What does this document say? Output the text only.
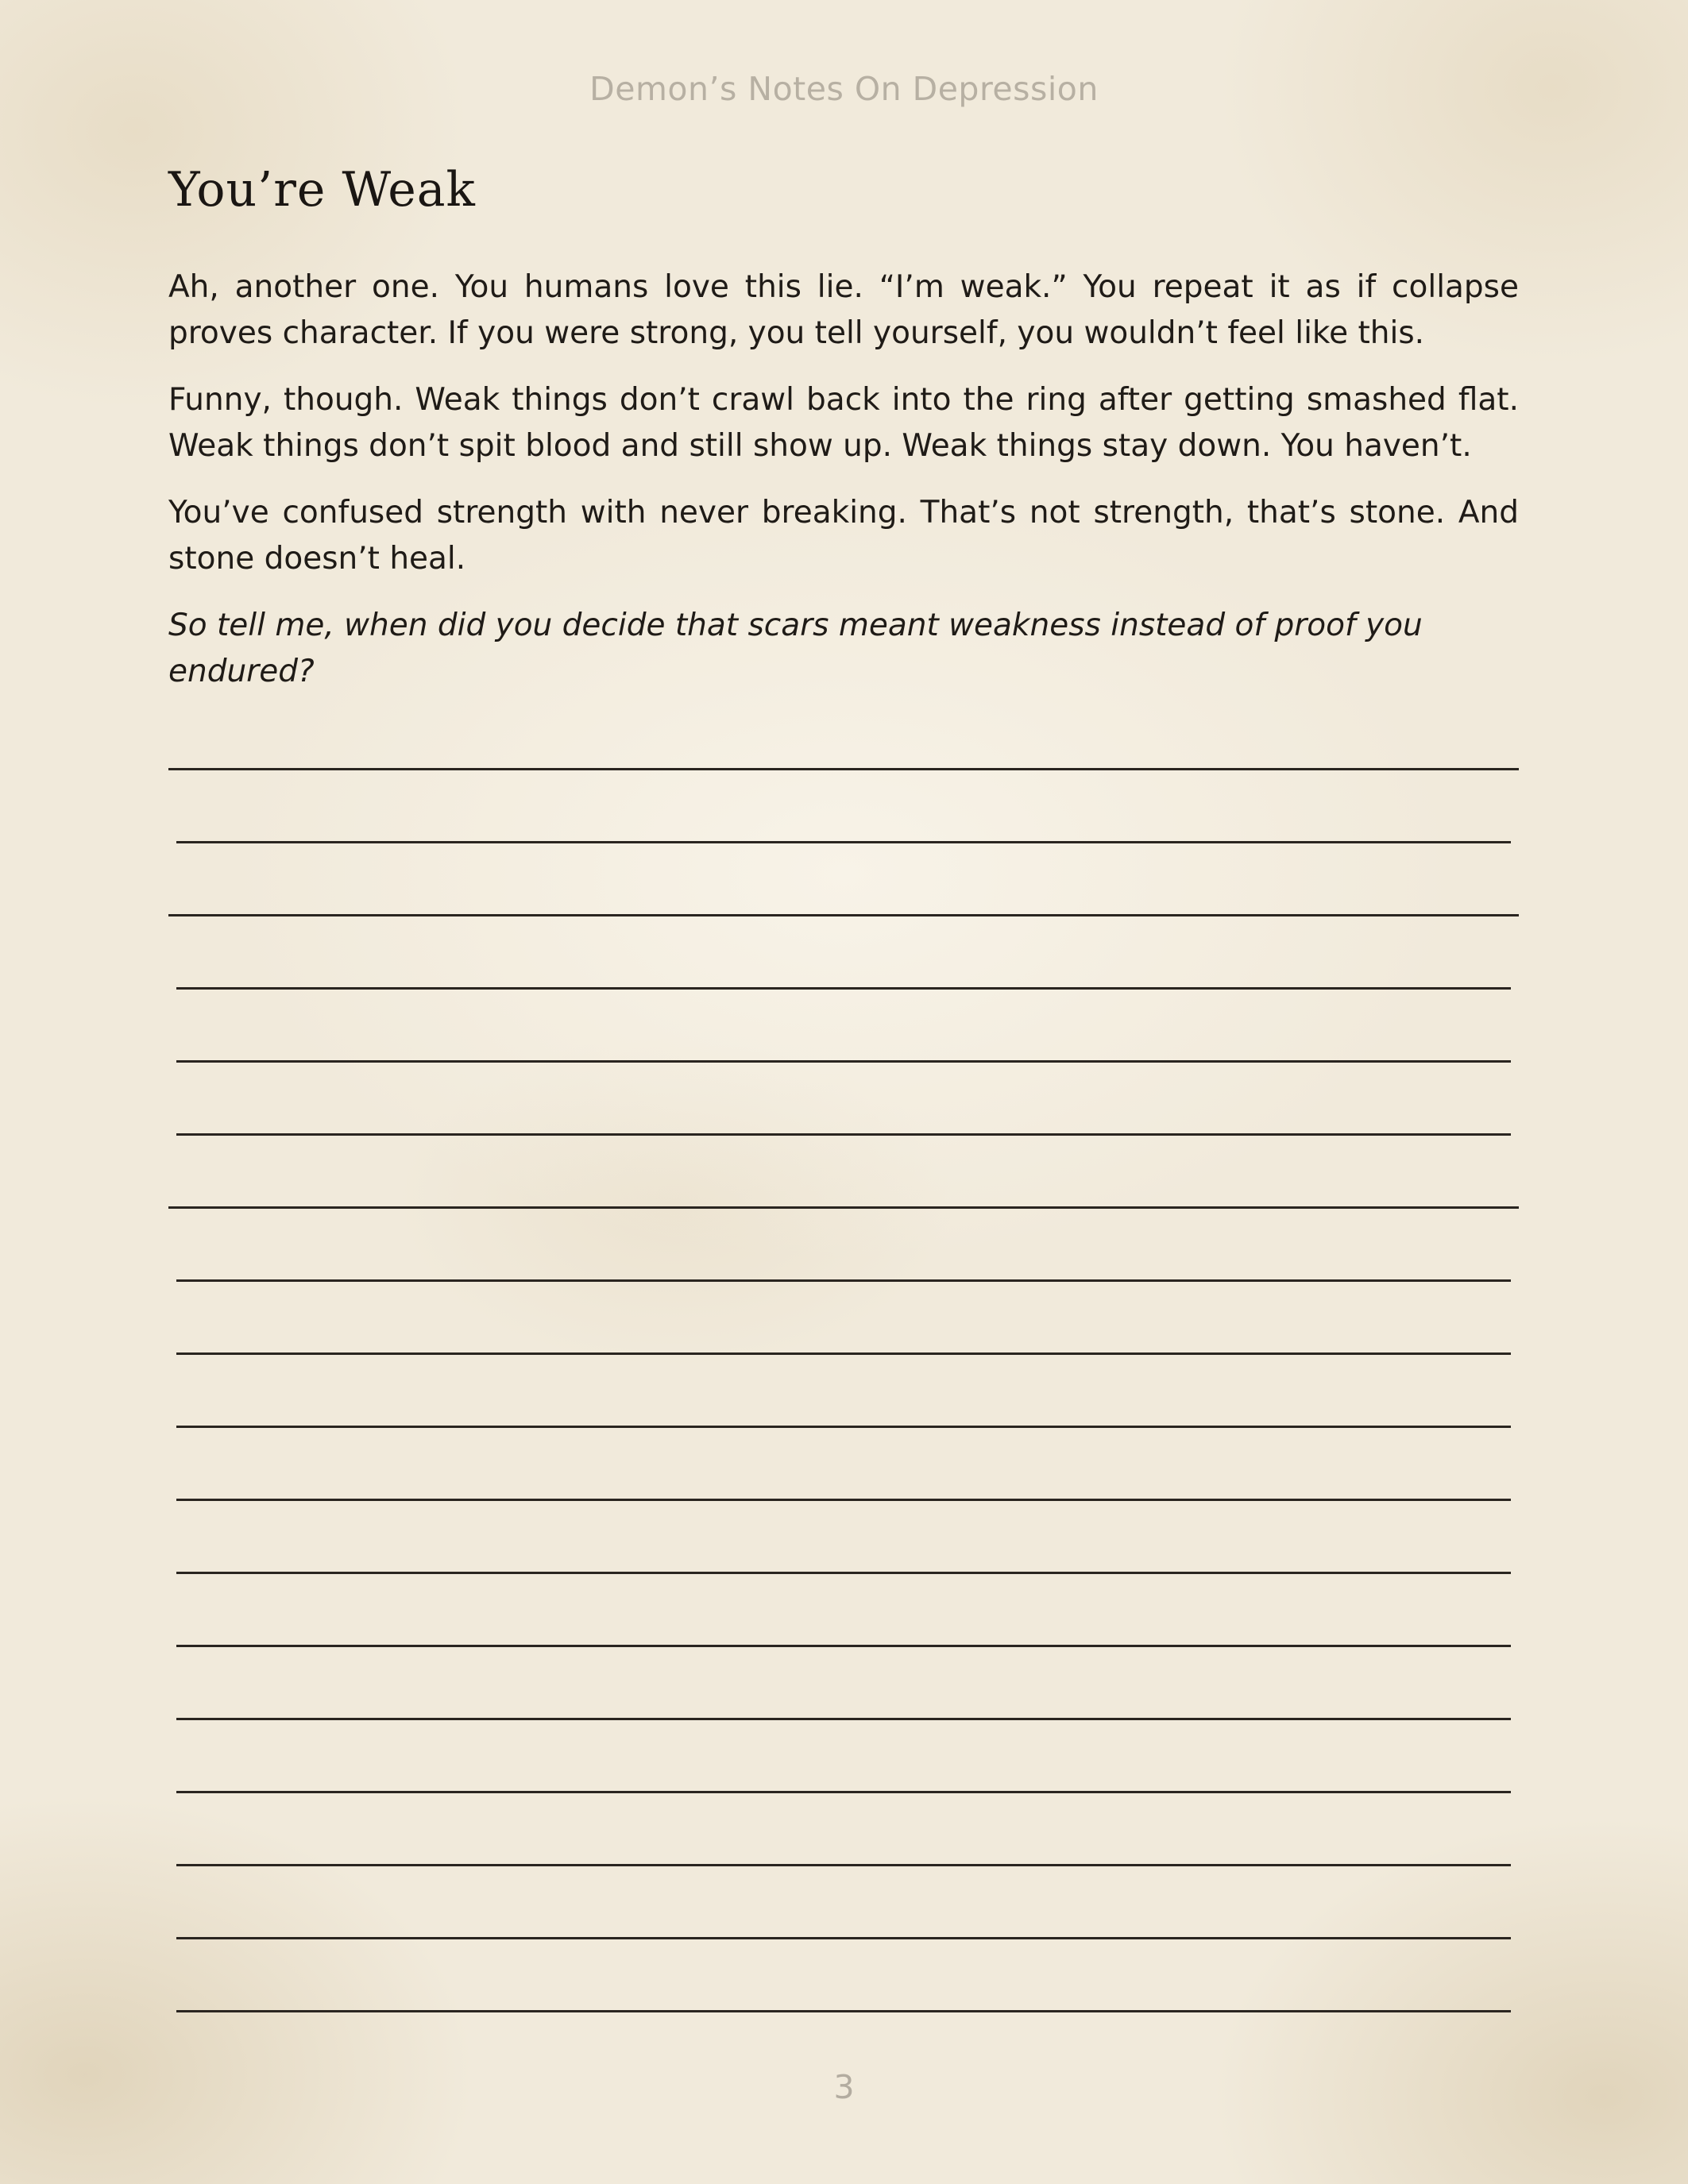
Demon’s Notes On Depression
You’re Weak

Ah, another one. You humans love this lie. “I’m weak.” You repeat it as if collapse proves character. If you were strong, you tell yourself, you wouldn’t feel like this.

Funny, though. Weak things don’t crawl back into the ring after getting smashed flat. Weak things don’t spit blood and still show up. Weak things stay down. You haven’t.

You’ve confused strength with never breaking. That’s not strength, that’s stone. And stone doesn’t heal.

So tell me, when did you decide that scars meant weakness instead of proof you endured?

3
